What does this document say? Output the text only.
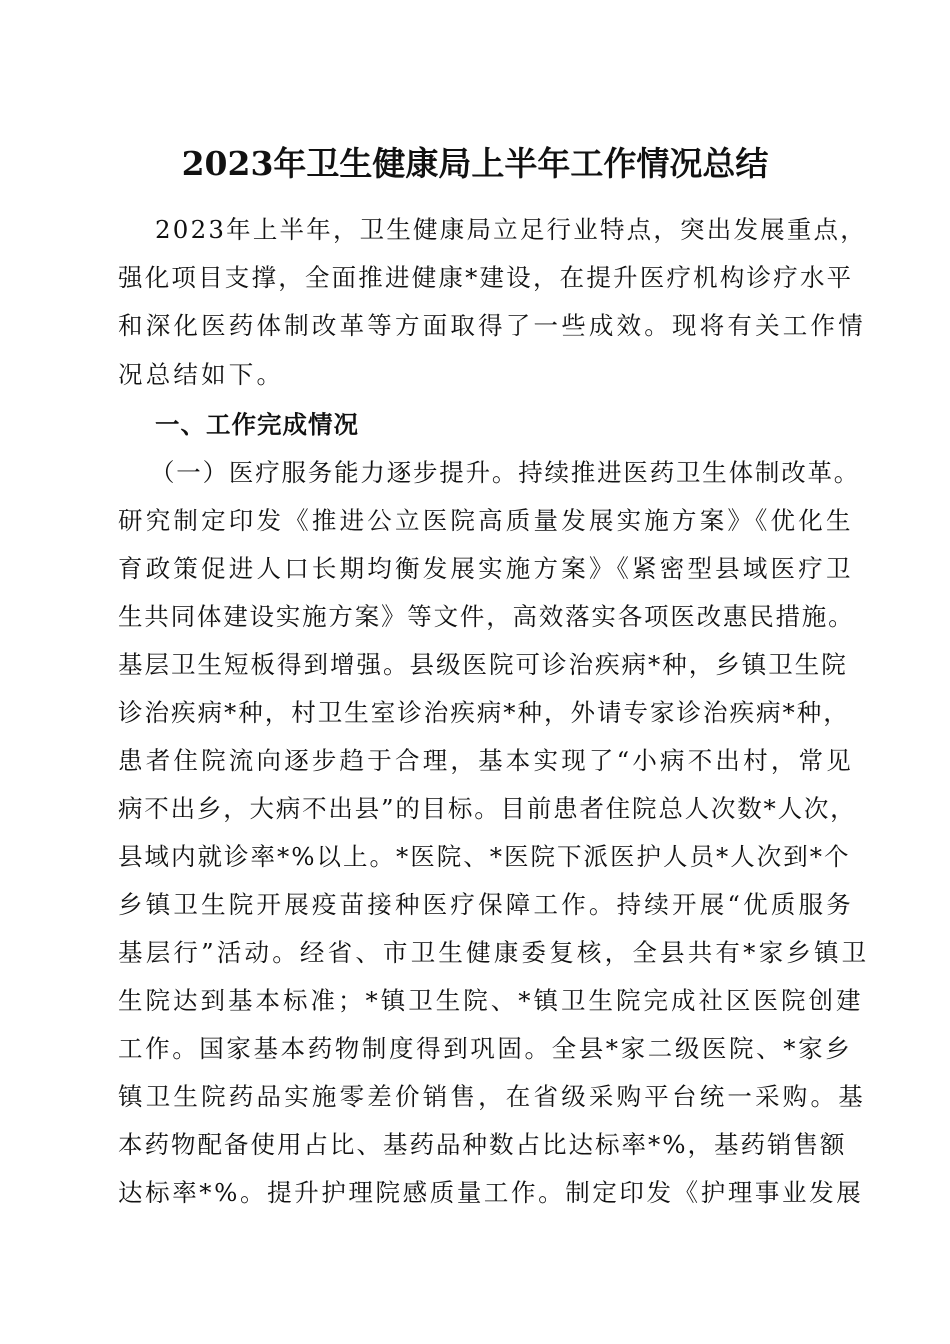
2023年卫生健康局上半年工作情况总结
2023年上半年，卫生健康局立足行业特点，突出发展重点，
强化项目支撑，全面推进健康*建设，在提升医疗机构诊疗水平
和深化医药体制改革等方面取得了一些成效。现将有关工作情
况总结如下。
一、工作完成情况
（一）医疗服务能力逐步提升。持续推进医药卫生体制改革。
研究制定印发《推进公立医院高质量发展实施方案》《优化生
育政策促进人口长期均衡发展实施方案》《紧密型县域医疗卫
生共同体建设实施方案》等文件，高效落实各项医改惠民措施。
基层卫生短板得到增强。县级医院可诊治疾病*种，乡镇卫生院
诊治疾病*种，村卫生室诊治疾病*种，外请专家诊治疾病*种，
患者住院流向逐步趋于合理，基本实现了“小病不出村，常见
病不出乡，大病不出县”的目标。目前患者住院总人次数*人次，
县域内就诊率*%以上。*医院、*医院下派医护人员*人次到*个
乡镇卫生院开展疫苗接种医疗保障工作。持续开展“优质服务
基层行”活动。经省、市卫生健康委复核，全县共有*家乡镇卫
生院达到基本标准；*镇卫生院、*镇卫生院完成社区医院创建
工作。国家基本药物制度得到巩固。全县*家二级医院、*家乡
镇卫生院药品实施零差价销售，在省级采购平台统一采购。基
本药物配备使用占比、基药品种数占比达标率*%，基药销售额
达标率*%。提升护理院感质量工作。制定印发《护理事业发展
